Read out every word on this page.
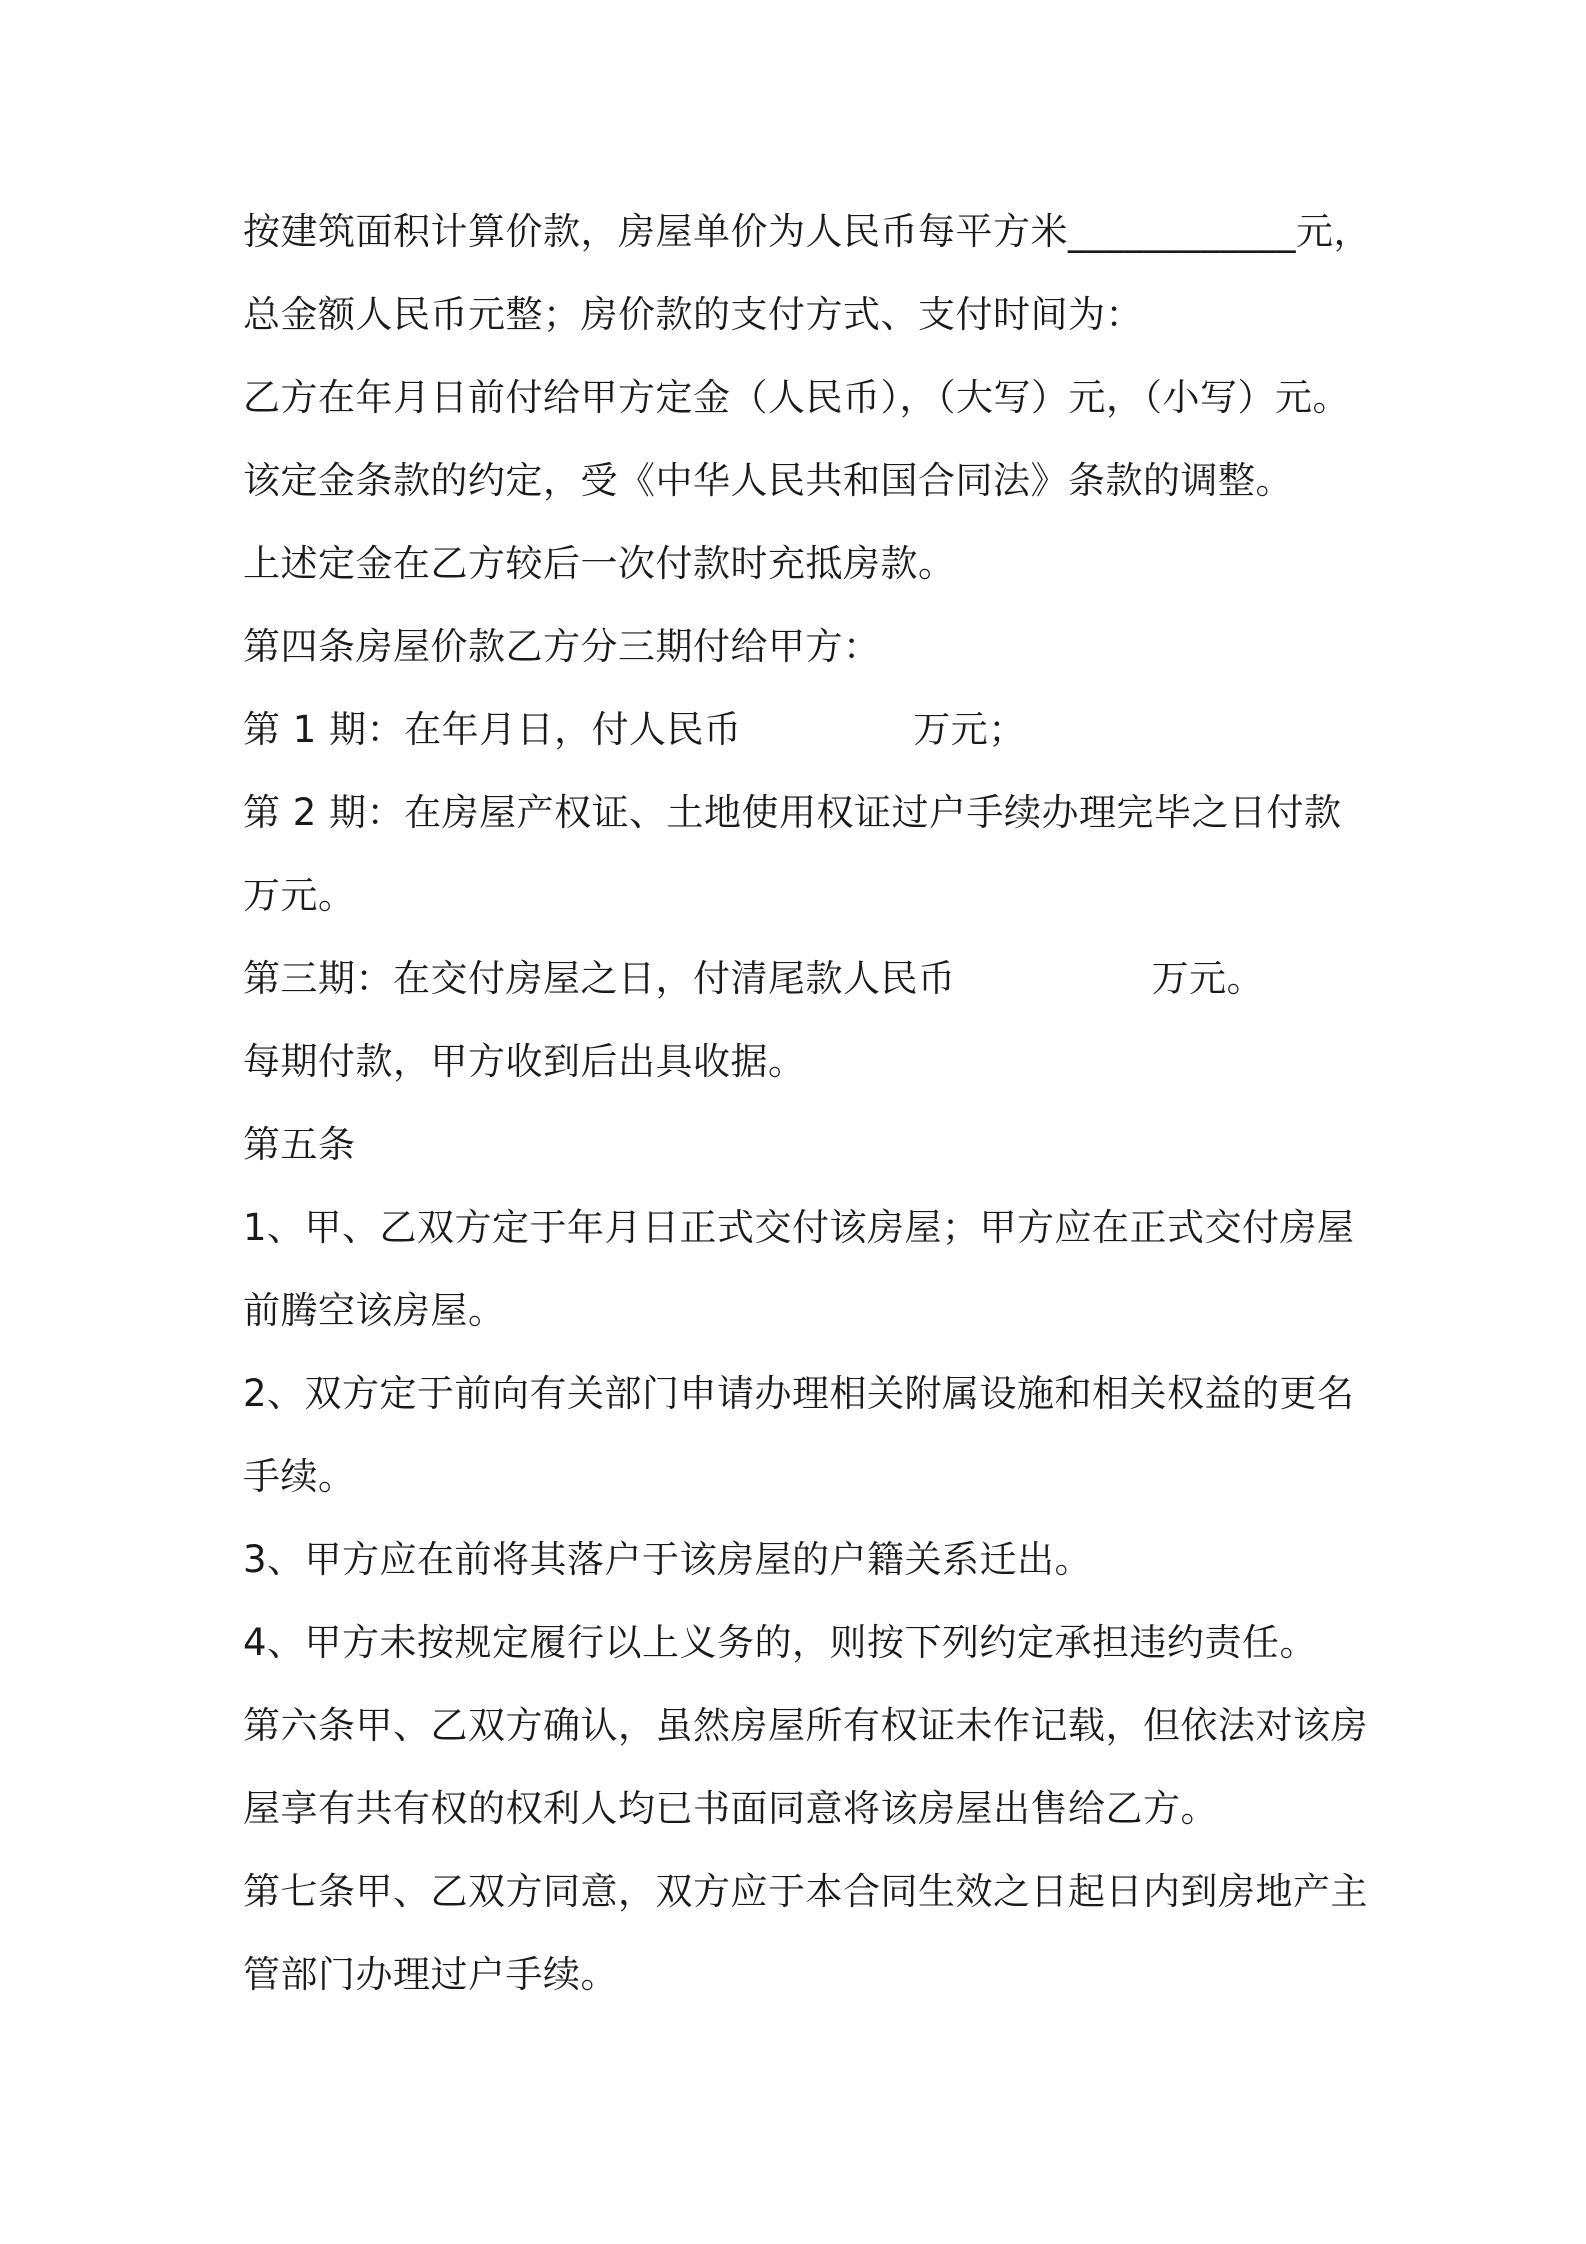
按建筑面积计算价款，房屋单价为人民币每平方米____________元，
总金额人民币元整；房价款的支付方式、支付时间为：
乙方在年月日前付给甲方定金（人民币），（大写）元，（小写）元。
该定金条款的约定，受《中华人民共和国合同法》条款的调整。
上述定金在乙方较后一次付款时充抵房款。
第四条房屋价款乙方分三期付给甲方：
第 1 期：在年月日，付人民币              万元；
第 2 期：在房屋产权证、土地使用权证过户手续办理完毕之日付款
万元。
第三期：在交付房屋之日，付清尾款人民币                万元。
每期付款，甲方收到后出具收据。
第五条
1、甲、乙双方定于年月日正式交付该房屋；甲方应在正式交付房屋
前腾空该房屋。
2、双方定于前向有关部门申请办理相关附属设施和相关权益的更名
手续。
3、甲方应在前将其落户于该房屋的户籍关系迁出。
4、甲方未按规定履行以上义务的，则按下列约定承担违约责任。
第六条甲、乙双方确认，虽然房屋所有权证未作记载，但依法对该房
屋享有共有权的权利人均已书面同意将该房屋出售给乙方。
第七条甲、乙双方同意，双方应于本合同生效之日起日内到房地产主
管部门办理过户手续。
